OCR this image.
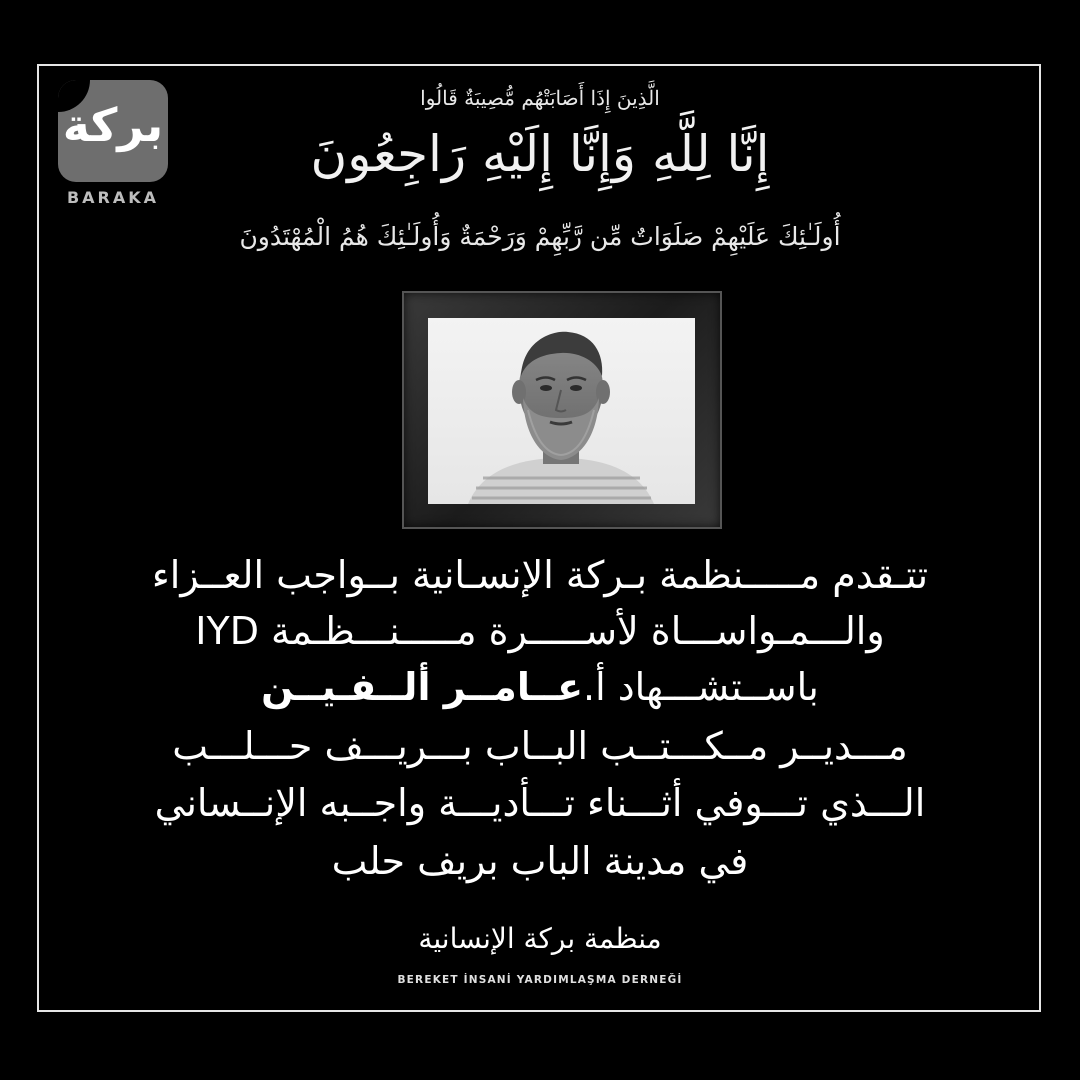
بركة
BARAKA
الَّذِينَ إِذَا أَصَابَتْهُم مُّصِيبَةٌ قَالُوا
إِنَّا لِلَّهِ وَإِنَّا إِلَيْهِ رَاجِعُونَ
أُولَـٰئِكَ عَلَيْهِمْ صَلَوَاتٌ مِّن رَّبِّهِمْ وَرَحْمَةٌ وَأُولَـٰئِكَ هُمُ الْمُهْتَدُونَ
تتـقدم مـــــنظمة بـركة الإنسـانية بــواجب العــزاء
والـــمـواســـاة لأســـــرة مـــــنـــظـمة IYD
باســتشـــهاد أ.عــامــر ألــفـيــن
مـــديــر مــكـــتــب البــاب بـــريـــف حـــلـــب
الـــذي تـــوفي أثـــناء تـــأديـــة واجــبه الإنــساني
في مدينة الباب بريف حلب
منظمة بركة الإنسانية
BEREKET İNSANİ YARDIMLAŞMA DERNEĞİ
